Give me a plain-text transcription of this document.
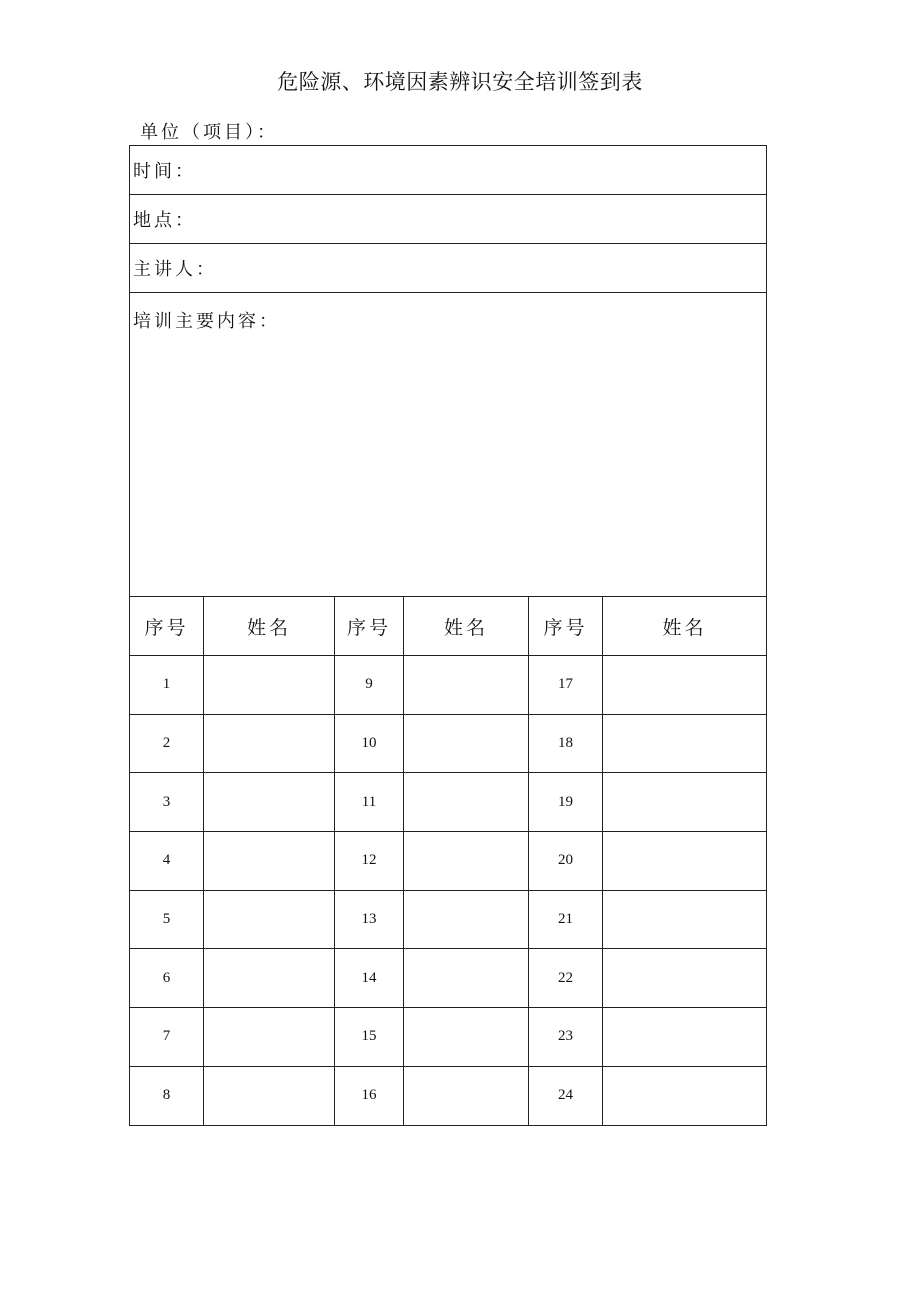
危险源、环境因素辨识安全培训签到表
单位（项目）：
时间：					
地点：					
主讲人：					
培训主要内容：					
序号	姓名	序号	姓名	序号	姓名
1		9		17	
2		10		18	
3		11		19	
4		12		20	
5		13		21	
6		14		22	
7		15		23	
8		16		24	
